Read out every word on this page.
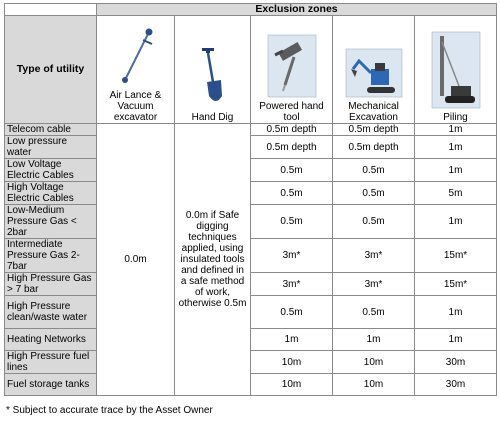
	Exclusion zones				
Type of utility	Air Lance & Vacuum excavator	Hand Dig	Powered hand tool	Mechanical Excavation	Piling

Telecom cable	0.0m	0.0m if Safe digging techniques applied, using insulated tools and defined in a safe method of work, otherwise 0.5m	0.5m depth	0.5m depth	1m
Low pressure water			0.5m depth	0.5m depth	1m
Low Voltage Electric Cables			0.5m	0.5m	1m
High Voltage Electric Cables			0.5m	0.5m	5m
Low-Medium Pressure Gas < 2bar			0.5m	0.5m	1m
Intermediate Pressure Gas 2-7bar			3m*	3m*	15m*
High Pressure Gas > 7 bar			3m*	3m*	15m*
High Pressure clean/waste water			0.5m	0.5m	1m
Heating Networks			1m	1m	1m
High Pressure fuel lines			10m	10m	30m
Fuel storage tanks			10m	10m	30m
* Subject to accurate trace by the Asset Owner
